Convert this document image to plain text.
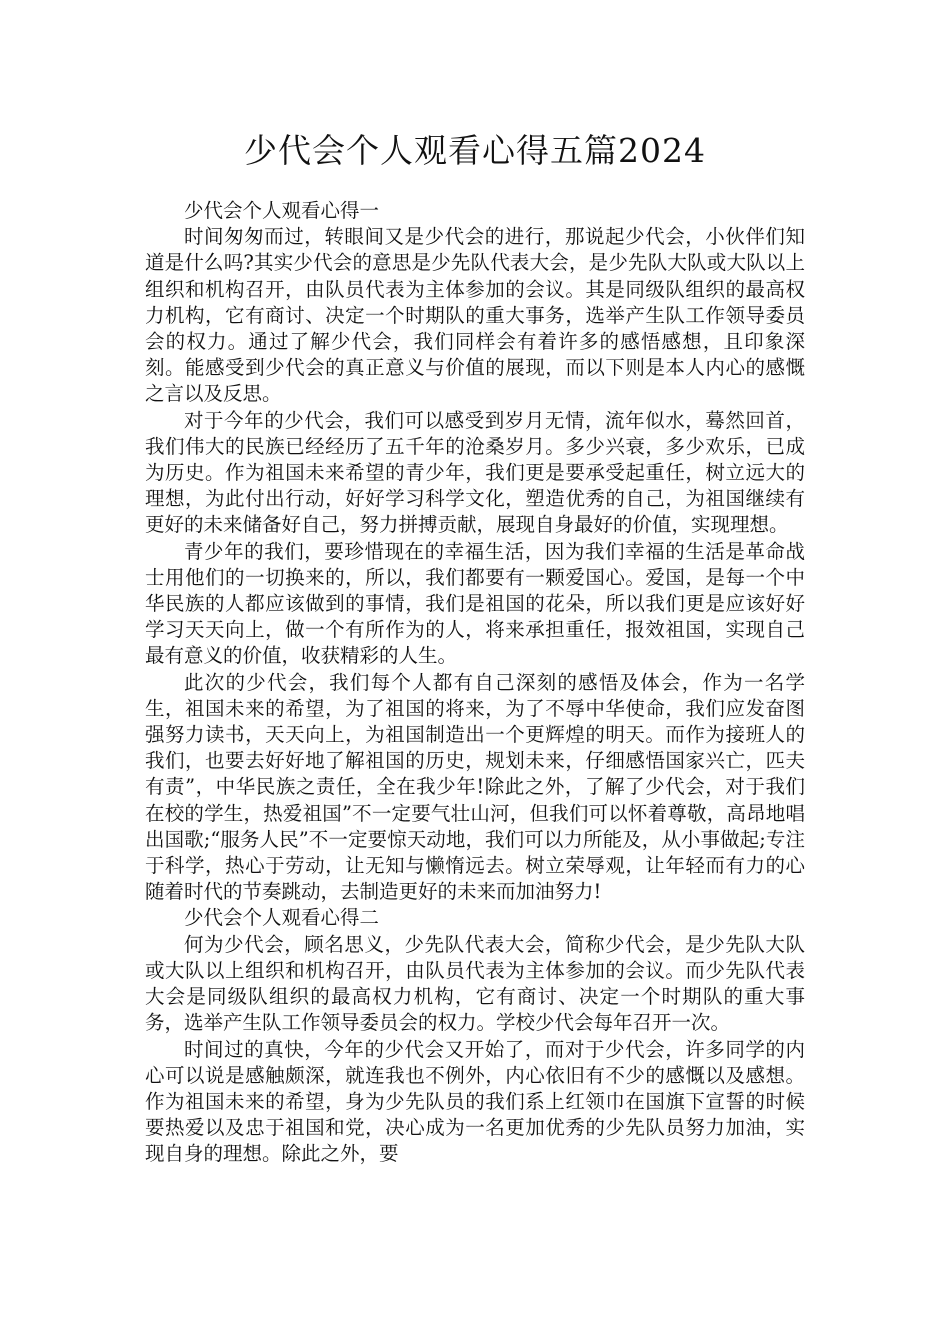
少代会个人观看心得五篇2024

少代会个人观看心得一

时间匆匆而过，转眼间又是少代会的进行，那说起少代会，小伙伴们知道是什么吗?其实少代会的意思是少先队代表大会，是少先队大队或大队以上组织和机构召开，由队员代表为主体参加的会议。其是同级队组织的最高权力机构，它有商讨、决定一个时期队的重大事务，选举产生队工作领导委员会的权力。通过了解少代会，我们同样会有着许多的感悟感想，且印象深刻。能感受到少代会的真正意义与价值的展现，而以下则是本人内心的感慨之言以及反思。

对于今年的少代会，我们可以感受到岁月无情，流年似水，蓦然回首，我们伟大的民族已经经历了五千年的沧桑岁月。多少兴衰，多少欢乐，已成为历史。作为祖国未来希望的青少年，我们更是要承受起重任，树立远大的理想，为此付出行动，好好学习科学文化，塑造优秀的自己，为祖国继续有更好的未来储备好自己，努力拼搏贡献，展现自身最好的价值，实现理想。

青少年的我们，要珍惜现在的幸福生活，因为我们幸福的生活是革命战士用他们的一切换来的，所以，我们都要有一颗爱国心。爱国，是每一个中华民族的人都应该做到的事情，我们是祖国的花朵，所以我们更是应该好好学习天天向上，做一个有所作为的人，将来承担重任，报效祖国，实现自己最有意义的价值，收获精彩的人生。

此次的少代会，我们每个人都有自己深刻的感悟及体会，作为一名学生，祖国未来的希望，为了祖国的将来，为了不辱中华使命，我们应发奋图强努力读书，天天向上，为祖国制造出一个更辉煌的明天。而作为接班人的我们，也要去好好地了解祖国的历史，规划未来，仔细感悟国家兴亡，匹夫有责”，中华民族之责任，全在我少年!除此之外，了解了少代会，对于我们在校的学生，热爱祖国”不一定要气壮山河，但我们可以怀着尊敬，高昂地唱出国歌;“服务人民”不一定要惊天动地，我们可以力所能及，从小事做起;专注于科学，热心于劳动，让无知与懒惰远去。树立荣辱观，让年轻而有力的心随着时代的节奏跳动，去制造更好的未来而加油努力!

少代会个人观看心得二

何为少代会，顾名思义，少先队代表大会，简称少代会，是少先队大队或大队以上组织和机构召开，由队员代表为主体参加的会议。而少先队代表大会是同级队组织的最高权力机构，它有商讨、决定一个时期队的重大事务，选举产生队工作领导委员会的权力。学校少代会每年召开一次。

时间过的真快，今年的少代会又开始了，而对于少代会，许多同学的内心可以说是感触颇深，就连我也不例外，内心依旧有不少的感慨以及感想。作为祖国未来的希望，身为少先队员的我们系上红领巾在国旗下宣誓的时候要热爱以及忠于祖国和党，决心成为一名更加优秀的少先队员努力加油，实现自身的理想。除此之外，要
